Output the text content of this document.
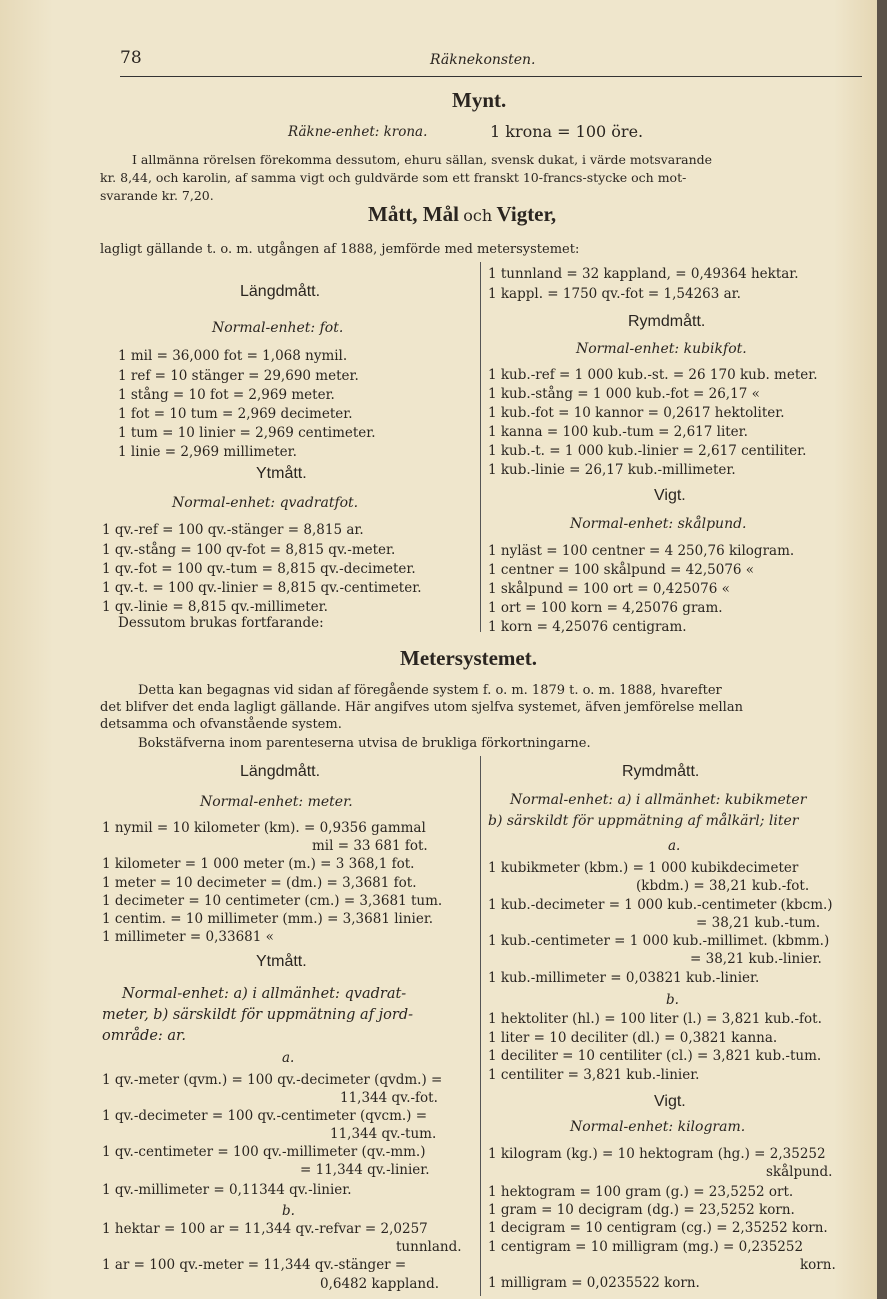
78	Räknekonsten.
Mynt.
Räkne-enhet: krona.	1 krona = 100 öre.
I allmänna rörelsen förekomma dessutom, ehuru sällan, svensk dukat, i värde motsvarande
kr. 8,44, och karolin, af samma vigt och guldvärde som ett franskt 10-francs-stycke och mot-
svarande kr. 7,20.
Mått, Mål och Vigter,
lagligt gällande t. o. m. utgången af 1888, jemförde med metersystemet:
Längdmått.
Normal-enhet: fot.
1 mil = 36,000 fot = 1,068 nymil.
1 ref = 10 stänger = 29,690 meter.
1 stång = 10 fot = 2,969 meter.
1 fot = 10 tum = 2,969 decimeter.
1 tum = 10 linier = 2,969 centimeter.
1 linie = 2,969 millimeter.
Ytmått.
Normal-enhet: qvadratfot.
1 qv.-ref = 100 qv.-stänger = 8,815 ar.
1 qv.-stång = 100 qv-fot = 8,815 qv.-meter.
1 qv.-fot = 100 qv.-tum = 8,815 qv.-decimeter.
1 qv.-t. = 100 qv.-linier = 8,815 qv.-centimeter.
1 qv.-linie = 8,815 qv.-millimeter.
Dessutom brukas fortfarande:
1 tunnland = 32 kappland, = 0,49364 hektar.
1 kappl. = 1750 qv.-fot = 1,54263 ar.
Rymdmått.
Normal-enhet: kubikfot.
1 kub.-ref = 1 000 kub.-st. = 26 170 kub. meter.
1 kub.-stång = 1 000 kub.-fot = 26,17 «
1 kub.-fot = 10 kannor = 0,2617 hektoliter.
1 kanna = 100 kub.-tum = 2,617 liter.
1 kub.-t. = 1 000 kub.-linier = 2,617 centiliter.
1 kub.-linie = 26,17 kub.-millimeter.
Vigt.
Normal-enhet: skålpund.
1 nyläst = 100 centner = 4 250,76 kilogram.
1 centner = 100 skålpund = 42,5076 «
1 skålpund = 100 ort = 0,425076 «
1 ort = 100 korn = 4,25076 gram.
1 korn = 4,25076 centigram.
Metersystemet.
Detta kan begagnas vid sidan af föregående system f. o. m. 1879 t. o. m. 1888, hvarefter
det blifver det enda lagligt gällande. Här angifves utom sjelfva systemet, äfven jemförelse mellan
detsamma och ofvanstående system.
Bokstäfverna inom parenteserna utvisa de brukliga förkortningarne.
Längdmått.
Normal-enhet: meter.
1 nymil = 10 kilometer (km). = 0,9356 gammal
mil = 33 681 fot.
1 kilometer = 1 000 meter (m.) = 3 368,1 fot.
1 meter = 10 decimeter = (dm.) = 3,3681 fot.
1 decimeter = 10 centimeter (cm.) = 3,3681 tum.
1 centim. = 10 millimeter (mm.) = 3,3681 linier.
1 millimeter = 0,33681 «
Ytmått.
Normal-enhet: a) i allmänhet: qvadrat-
meter, b) särskildt för uppmätning af jord-
område: ar.
a.
1 qv.-meter (qvm.) = 100 qv.-decimeter (qvdm.) =
11,344 qv.-fot.
1 qv.-decimeter = 100 qv.-centimeter (qvcm.) =
11,344 qv.-tum.
1 qv.-centimeter = 100 qv.-millimeter (qv.-mm.)
= 11,344 qv.-linier.
1 qv.-millimeter = 0,11344 qv.-linier.
b.
1 hektar = 100 ar = 11,344 qv.-refvar = 2,0257
tunnland.
1 ar = 100 qv.-meter = 11,344 qv.-stänger =
0,6482 kappland.
Rymdmått.
Normal-enhet: a) i allmänhet: kubikmeter
b) särskildt för uppmätning af målkärl; liter
a.
1 kubikmeter (kbm.) = 1 000 kubikdecimeter
(kbdm.) = 38,21 kub.-fot.
1 kub.-decimeter = 1 000 kub.-centimeter (kbcm.)
= 38,21 kub.-tum.
1 kub.-centimeter = 1 000 kub.-millimet. (kbmm.)
= 38,21 kub.-linier.
1 kub.-millimeter = 0,03821 kub.-linier.
b.
1 hektoliter (hl.) = 100 liter (l.) = 3,821 kub.-fot.
1 liter = 10 deciliter (dl.) = 0,3821 kanna.
1 deciliter = 10 centiliter (cl.) = 3,821 kub.-tum.
1 centiliter = 3,821 kub.-linier.
Vigt.
Normal-enhet: kilogram.
1 kilogram (kg.) = 10 hektogram (hg.) = 2,35252
skålpund.
1 hektogram = 100 gram (g.) = 23,5252 ort.
1 gram = 10 decigram (dg.) = 23,5252 korn.
1 decigram = 10 centigram (cg.) = 2,35252 korn.
1 centigram = 10 milligram (mg.) = 0,235252
korn.
1 milligram = 0,0235522 korn.
